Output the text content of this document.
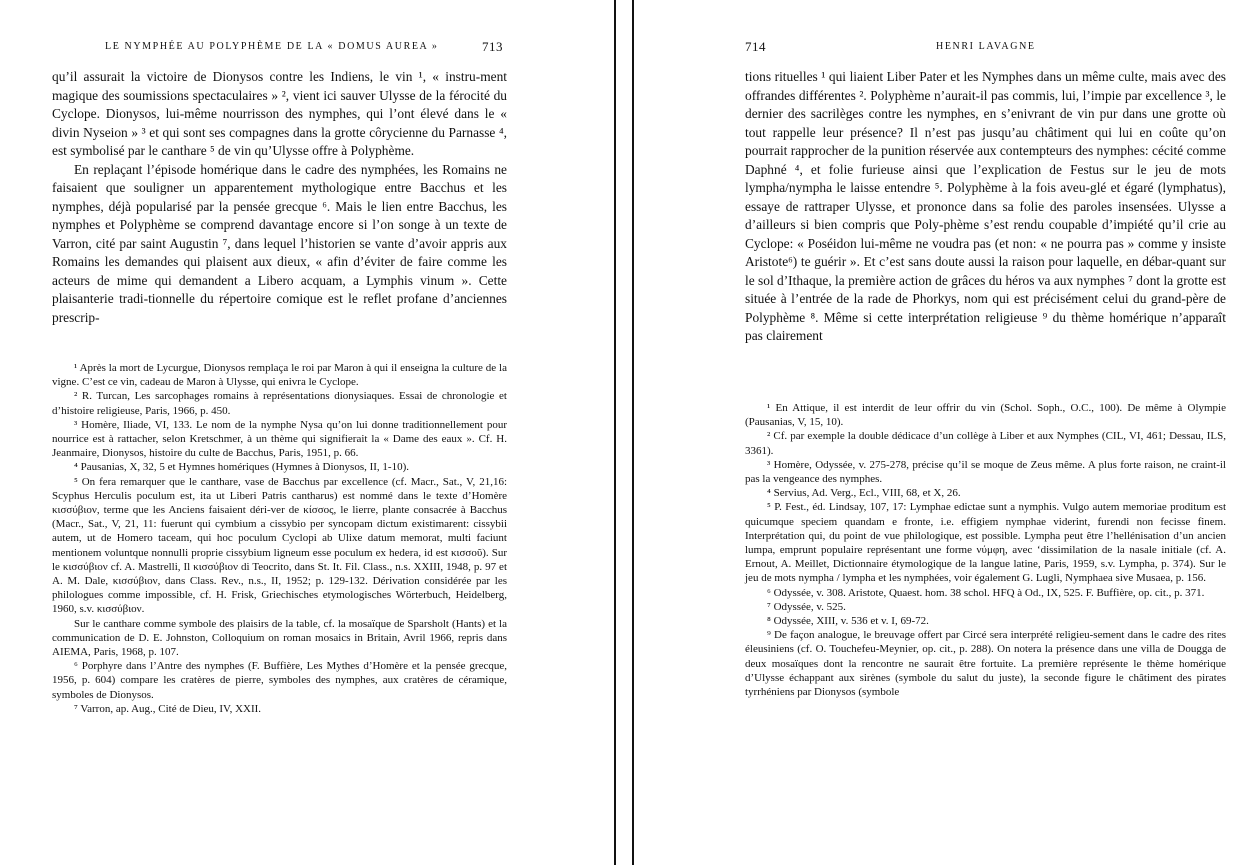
LE NYMPHÉE AU POLYPHÈME DE LA « DOMUS AUREA »	713

qu’il assurait la victoire de Dionysos contre les Indiens, le vin ¹, « instru-ment magique des soumissions spectaculaires » ², vient ici sauver Ulysse de la férocité du Cyclope. Dionysos, lui-même nourrisson des nymphes, qui l’ont élevé dans le « divin Nyseion » ³ et qui sont ses compagnes dans la grotte côrycienne du Parnasse ⁴, est symbolisé par le canthare ⁵ de vin qu’Ulysse offre à Polyphème.

En replaçant l’épisode homérique dans le cadre des nymphées, les Romains ne faisaient que souligner un apparentement mythologique entre Bacchus et les nymphes, déjà popularisé par la pensée grecque ⁶. Mais le lien entre Bacchus, les nymphes et Polyphème se comprend davantage encore si l’on songe à un texte de Varron, cité par saint Augustin ⁷, dans lequel l’historien se vante d’avoir appris aux Romains les demandes qui plaisent aux dieux, « afin d’éviter de faire comme les acteurs de mime qui demandent a Libero acquam, a Lymphis vinum ». Cette plaisanterie tradi-tionnelle du répertoire comique est le reflet profane d’anciennes prescrip-

¹ Après la mort de Lycurgue, Dionysos remplaça le roi par Maron à qui il enseigna la culture de la vigne. C’est ce vin, cadeau de Maron à Ulysse, qui enivra le Cyclope.

² R. Turcan, Les sarcophages romains à représentations dionysiaques. Essai de chronologie et d’histoire religieuse, Paris, 1966, p. 450.

³ Homère, Iliade, VI, 133. Le nom de la nymphe Nysa qu’on lui donne traditionnellement pour nourrice est à rattacher, selon Kretschmer, à un thème qui signifierait la « Dame des eaux ». Cf. H. Jeanmaire, Dionysos, histoire du culte de Bacchus, Paris, 1951, p. 66.

⁴ Pausanias, X, 32, 5 et Hymnes homériques (Hymnes à Dionysos, II, 1-10).

⁵ On fera remarquer que le canthare, vase de Bacchus par excellence (cf. Macr., Sat., V, 21,16: Scyphus Herculis poculum est, ita ut Liberi Patris cantharus) est nommé dans le texte d’Homère κισσύβιον, terme que les Anciens faisaient déri-ver de κίσσος, le lierre, plante consacrée à Bacchus (Macr., Sat., V, 21, 11: fuerunt qui cymbium a cissybio per syncopam dictum existimarent: cissybii autem, ut de Homero taceam, qui hoc poculum Cyclopi ab Ulixe datum memorat, multi faciunt mentionem voluntque nonnulli proprie cissybium ligneum esse poculum ex hedera, id est κισσοῦ). Sur le κισσύβιον cf. A. Mastrelli, Il κισσύβιον di Teocrito, dans St. It. Fil. Class., n.s. XXIII, 1948, p. 97 et A. M. Dale, κισσύβιον, dans Class. Rev., n.s., II, 1952; p. 129-132. Dérivation considérée par les philologues comme impossible, cf. H. Frisk, Griechisches etymologisches Wörterbuch, Heidelberg, 1960, s.v. κισσύβιον.

Sur le canthare comme symbole des plaisirs de la table, cf. la mosaïque de Sparsholt (Hants) et la communication de D. E. Johnston, Colloquium on roman mosaics in Britain, Avril 1966, repris dans AIEMA, Paris, 1968, p. 107.

⁶ Porphyre dans l’Antre des nymphes (F. Buffière, Les Mythes d’Homère et la pensée grecque, 1956, p. 604) compare les cratères de pierre, symboles des nymphes, aux cratères de céramique, symboles de Dionysos.

⁷ Varron, ap. Aug., Cité de Dieu, IV, XXII.

714	HENRI LAVAGNE

tions rituelles ¹ qui liaient Liber Pater et les Nymphes dans un même culte, mais avec des offrandes différentes ². Polyphème n’aurait-il pas commis, lui, l’impie par excellence ³, le dernier des sacrilèges contre les nymphes, en s’enivrant de vin pur dans une grotte où tout rappelle leur présence? Il n’est pas jusqu’au châtiment qui lui en coûte qu’on pourrait rapprocher de la punition réservée aux contempteurs des nymphes: cécité comme Daphné ⁴, et folie furieuse ainsi que l’explication de Festus sur le jeu de mots lympha/nympha le laisse entendre ⁵. Polyphème à la fois aveu-glé et égaré (lymphatus), essaye de rattraper Ulysse, et prononce dans sa folie des paroles insensées. Ulysse a d’ailleurs si bien compris que Poly-phème s’est rendu coupable d’impiété qu’il crie au Cyclope: « Poséidon lui-même ne voudra pas (et non: « ne pourra pas » comme y insiste Aristote⁶) te guérir ». Et c’est sans doute aussi la raison pour laquelle, en débar-quant sur le sol d’Ithaque, la première action de grâces du héros va aux nymphes ⁷ dont la grotte est située à l’entrée de la rade de Phorkys, nom qui est précisément celui du grand-père de Polyphème ⁸. Même si cette interprétation religieuse ⁹ du thème homérique n’apparaît pas clairement

¹ En Attique, il est interdit de leur offrir du vin (Schol. Soph., O.C., 100). De même à Olympie (Pausanias, V, 15, 10).

² Cf. par exemple la double dédicace d’un collège à Liber et aux Nymphes (CIL, VI, 461; Dessau, ILS, 3361).

³ Homère, Odyssée, v. 275-278, précise qu’il se moque de Zeus même. A plus forte raison, ne craint-il pas la vengeance des nymphes.

⁴ Servius, Ad. Verg., Ecl., VIII, 68, et X, 26.

⁵ P. Fest., éd. Lindsay, 107, 17: Lymphae edictae sunt a nymphis. Vulgo autem memoriae proditum est quicumque speciem quandam e fronte, i.e. effigiem nymphae viderint, furendi non fecisse finem. Interprétation qui, du point de vue philologique, est possible. Lympha peut être l’hellénisation d’un ancien lumpa, emprunt populaire représentant une forme νύμφη, avec ‘dissimilation de la nasale initiale (cf. A. Ernout, A. Meillet, Dictionnaire étymologique de la langue latine, Paris, 1959, s.v. Lympha, p. 374). Sur le jeu de mots nympha / lympha et les nymphées, voir également G. Lugli, Nymphaea sive Musaea, p. 156.

⁶ Odyssée, v. 308. Aristote, Quaest. hom. 38 schol. HFQ à Od., IX, 525. F. Buffière, op. cit., p. 371.

⁷ Odyssée, v. 525.

⁸ Odyssée, XIII, v. 536 et v. I, 69-72.

⁹ De façon analogue, le breuvage offert par Circé sera interprété religieu-sement dans le cadre des rites éleusiniens (cf. O. Touchefeu-Meynier, op. cit., p. 288). On notera la présence dans une villa de Dougga de deux mosaïques dont la rencontre ne saurait être fortuite. La première représente le thème homérique d’Ulysse échappant aux sirènes (symbole du salut du juste), la seconde figure le châtiment des pirates tyrrhéniens par Dionysos (symbole
